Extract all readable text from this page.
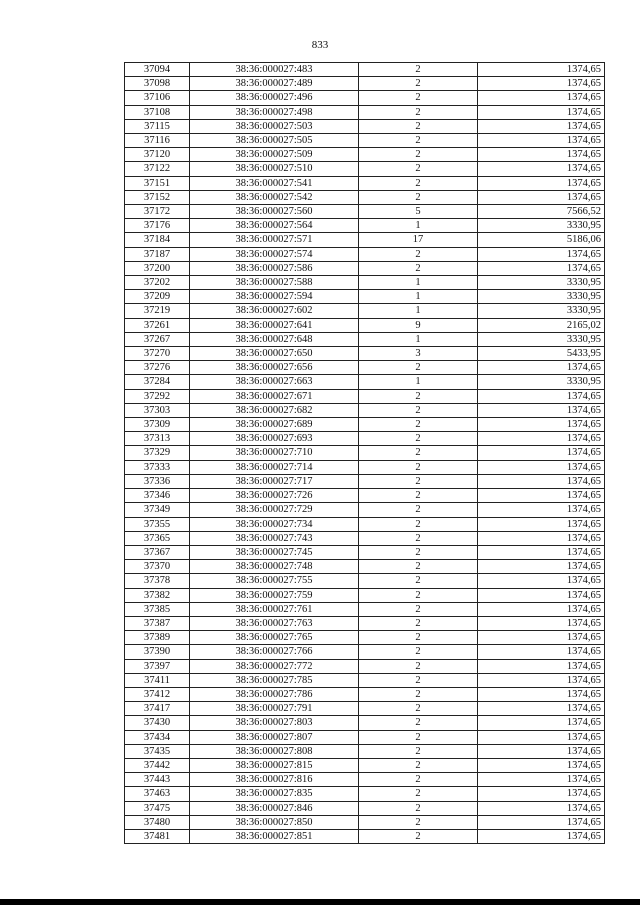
833
37094	38:36:000027:483	2	1374,65
37098	38:36:000027:489	2	1374,65
37106	38:36:000027:496	2	1374,65
37108	38:36:000027:498	2	1374,65
37115	38:36:000027:503	2	1374,65
37116	38:36:000027:505	2	1374,65
37120	38:36:000027:509	2	1374,65
37122	38:36:000027:510	2	1374,65
37151	38:36:000027:541	2	1374,65
37152	38:36:000027:542	2	1374,65
37172	38:36:000027:560	5	7566,52
37176	38:36:000027:564	1	3330,95
37184	38:36:000027:571	17	5186,06
37187	38:36:000027:574	2	1374,65
37200	38:36:000027:586	2	1374,65
37202	38:36:000027:588	1	3330,95
37209	38:36:000027:594	1	3330,95
37219	38:36:000027:602	1	3330,95
37261	38:36:000027:641	9	2165,02
37267	38:36:000027:648	1	3330,95
37270	38:36:000027:650	3	5433,95
37276	38:36:000027:656	2	1374,65
37284	38:36:000027:663	1	3330,95
37292	38:36:000027:671	2	1374,65
37303	38:36:000027:682	2	1374,65
37309	38:36:000027:689	2	1374,65
37313	38:36:000027:693	2	1374,65
37329	38:36:000027:710	2	1374,65
37333	38:36:000027:714	2	1374,65
37336	38:36:000027:717	2	1374,65
37346	38:36:000027:726	2	1374,65
37349	38:36:000027:729	2	1374,65
37355	38:36:000027:734	2	1374,65
37365	38:36:000027:743	2	1374,65
37367	38:36:000027:745	2	1374,65
37370	38:36:000027:748	2	1374,65
37378	38:36:000027:755	2	1374,65
37382	38:36:000027:759	2	1374,65
37385	38:36:000027:761	2	1374,65
37387	38:36:000027:763	2	1374,65
37389	38:36:000027:765	2	1374,65
37390	38:36:000027:766	2	1374,65
37397	38:36:000027:772	2	1374,65
37411	38:36:000027:785	2	1374,65
37412	38:36:000027:786	2	1374,65
37417	38:36:000027:791	2	1374,65
37430	38:36:000027:803	2	1374,65
37434	38:36:000027:807	2	1374,65
37435	38:36:000027:808	2	1374,65
37442	38:36:000027:815	2	1374,65
37443	38:36:000027:816	2	1374,65
37463	38:36:000027:835	2	1374,65
37475	38:36:000027:846	2	1374,65
37480	38:36:000027:850	2	1374,65
37481	38:36:000027:851	2	1374,65
